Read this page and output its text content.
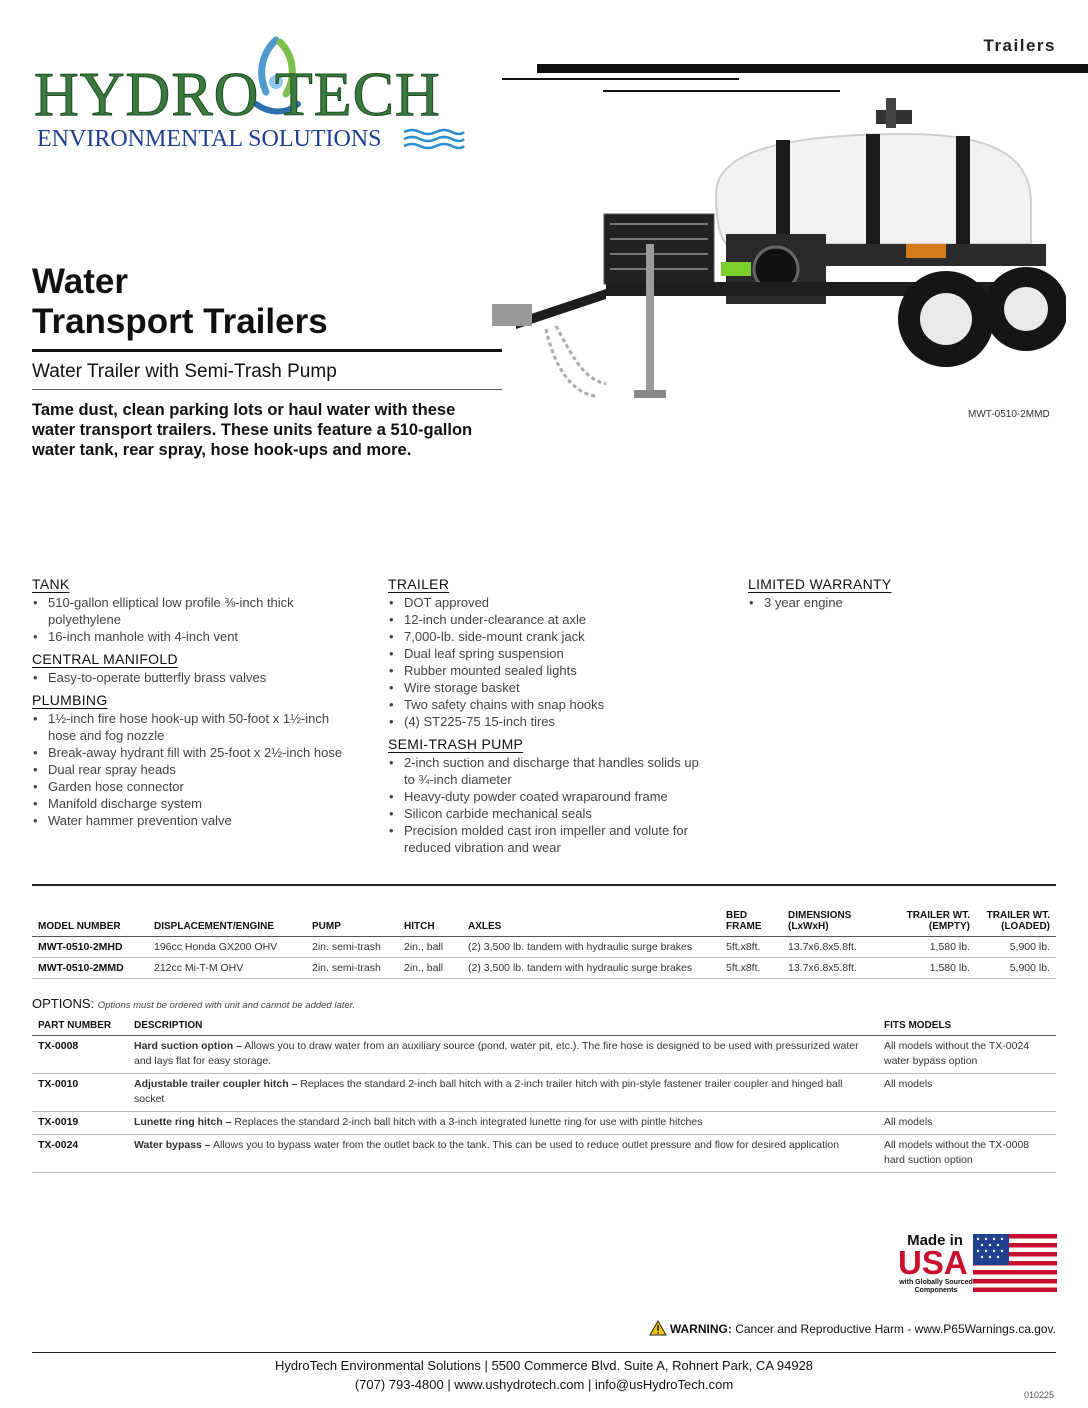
HYDRO TECH
ENVIRONMENTAL SOLUTIONS
Trailers
Water
Transport Trailers
Water Trailer with Semi-Trash Pump
Tame dust, clean parking lots or haul water with these water transport trailers. These units feature a 510-gallon water tank, rear spray, hose hook-ups and more.
MWT-0510-2MMD

TANK

• 510-gallon elliptical low profile ⅜-inch thick polyethylene
• 16-inch manhole with 4-inch vent

CENTRAL MANIFOLD

• Easy-to-operate butterfly brass valves

PLUMBING

• 1½-inch fire hose hook-up with 50-foot x 1½-inch hose and fog nozzle
• Break-away hydrant fill with 25-foot x 2½-inch hose
• Dual rear spray heads
• Garden hose connector
• Manifold discharge system
• Water hammer prevention valve

TRAILER

• DOT approved
• 12-inch under-clearance at axle
• 7,000-lb. side-mount crank jack
• Dual leaf spring suspension
• Rubber mounted sealed lights
• Wire storage basket
• Two safety chains with snap hooks
• (4) ST225-75 15-inch tires

SEMI-TRASH PUMP

• 2-inch suction and discharge that handles solids up to ¾-inch diameter
• Heavy-duty powder coated wraparound frame
• Silicon carbide mechanical seals
• Precision molded cast iron impeller and volute for reduced vibration and wear

LIMITED WARRANTY

• 3 year engine
MODEL NUMBER	DISPLACEMENT/ENGINE	PUMP	HITCH	AXLES	BED FRAME	DIMENSIONS (LxWxH)	TRAILER WT. (EMPTY)	TRAILER WT. (LOADED)
MWT-0510-2MHD	196cc Honda GX200 OHV	2in. semi-trash	2in., ball	(2) 3,500 lb. tandem with hydraulic surge brakes	5ft.x8ft.	13.7x6.8x5.8ft.	1,580 lb.	5,900 lb.
MWT-0510-2MMD	212cc Mi-T-M OHV	2in. semi-trash	2in., ball	(2) 3,500 lb. tandem with hydraulic surge brakes	5ft.x8ft.	13.7x6.8x5.8ft.	1,580 lb.	5,900 lb.
OPTIONS: Options must be ordered with unit and cannot be added later.
PART NUMBER	DESCRIPTION	FITS MODELS
TX-0008	Hard suction option – Allows you to draw water from an auxiliary source (pond, water pit, etc.). The fire hose is designed to be used with pressurized water and lays flat for easy storage.	All models without the TX-0024 water bypass option
TX-0010	Adjustable trailer coupler hitch – Replaces the standard 2-inch ball hitch with a 2-inch trailer hitch with pin-style fastener trailer coupler and hinged ball socket	All models
TX-0019	Lunette ring hitch – Replaces the standard 2-inch ball hitch with a 3-inch integrated lunette ring for use with pintle hitches	All models
TX-0024	Water bypass – Allows you to bypass water from the outlet back to the tank. This can be used to reduce outlet pressure and flow for desired application	All models without the TX-0008 hard suction option
Made in
USA
with Globally Sourced Components
WARNING: Cancer and Reproductive Harm - www.P65Warnings.ca.gov.
HydroTech Environmental Solutions | 5500 Commerce Blvd. Suite A, Rohnert Park, CA 94928
(707) 793-4800 | www.ushydrotech.com | info@usHydroTech.com
010225
